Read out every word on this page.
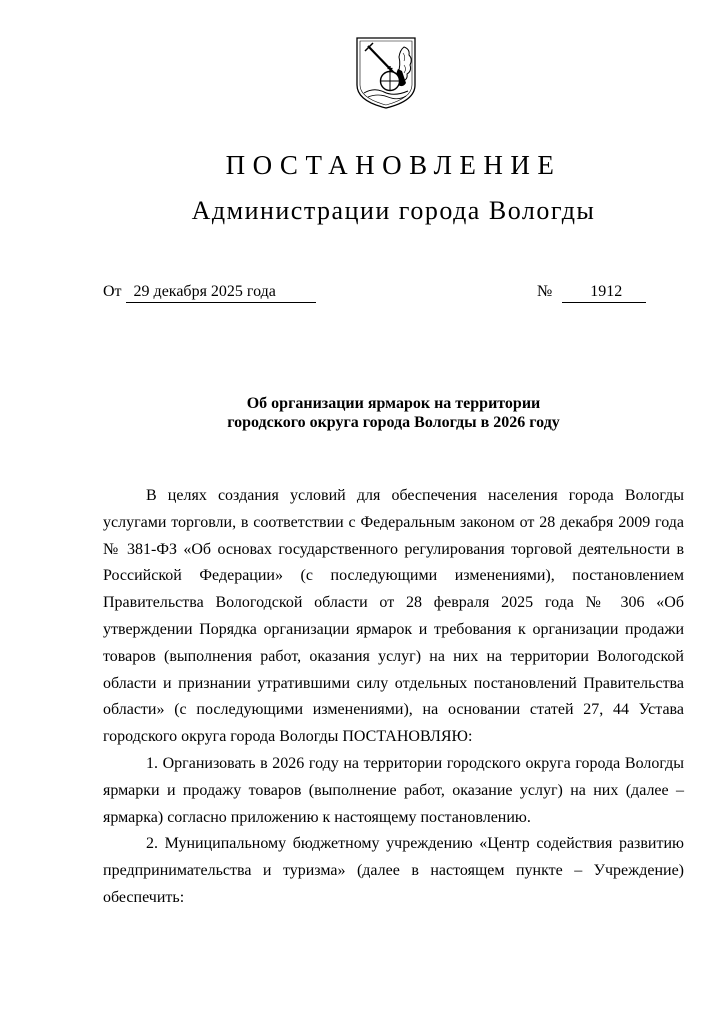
ПОСТАНОВЛЕНИЕ
Администрации города Вологды
От 29 декабря 2025 года	№ 1912
Об организации ярмарок на территории
городского округа города Вологды в 2026 году

В целях создания условий для обеспечения населения города Вологды услугами торговли, в соответствии с Федеральным законом от 28 декабря 2009 года № 381-ФЗ «Об основах государственного регулирования торговой деятельности в Российской Федерации» (с последующими изменениями), постановлением Правительства Вологодской области от 28 февраля 2025 года № 306 «Об утверждении Порядка организации ярмарок и требования к организации продажи товаров (выполнения работ, оказания услуг) на них на территории Вологодской области и признании утратившими силу отдельных постановлений Правительства области» (с последующими изменениями), на основании статей 27, 44 Устава городского округа города Вологды ПОСТАНОВЛЯЮ:

1. Организовать в 2026 году на территории городского округа города Вологды ярмарки и продажу товаров (выполнение работ, оказание услуг) на них (далее – ярмарка) согласно приложению к настоящему постановлению.

2. Муниципальному бюджетному учреждению «Центр содействия развитию предпринимательства и туризма» (далее в настоящем пункте – Учреждение) обеспечить:
